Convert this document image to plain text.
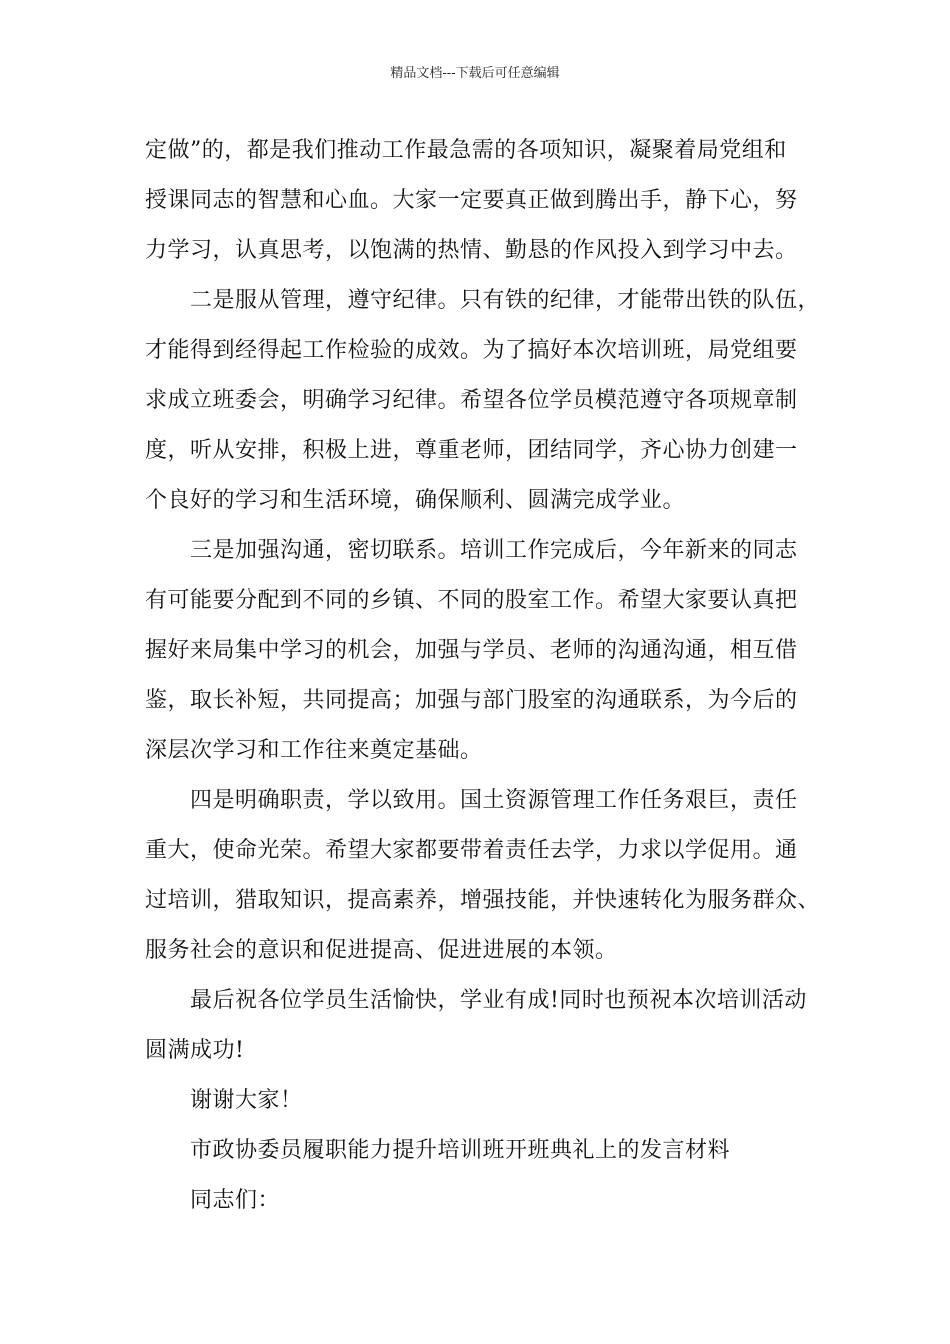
精品文档---下载后可任意编辑
定做”的，都是我们推动工作最急需的各项知识，凝聚着局党组和
授课同志的智慧和心血。大家一定要真正做到腾出手，静下心，努
力学习，认真思考，以饱满的热情、勤恳的作风投入到学习中去。
二是服从管理，遵守纪律。只有铁的纪律，才能带出铁的队伍，
才能得到经得起工作检验的成效。为了搞好本次培训班，局党组要
求成立班委会，明确学习纪律。希望各位学员模范遵守各项规章制
度，听从安排，积极上进，尊重老师，团结同学，齐心协力创建一
个良好的学习和生活环境，确保顺利、圆满完成学业。
三是加强沟通，密切联系。培训工作完成后，今年新来的同志
有可能要分配到不同的乡镇、不同的股室工作。希望大家要认真把
握好来局集中学习的机会，加强与学员、老师的沟通沟通，相互借
鉴，取长补短，共同提高；加强与部门股室的沟通联系，为今后的
深层次学习和工作往来奠定基础。
四是明确职责，学以致用。国土资源管理工作任务艰巨，责任
重大，使命光荣。希望大家都要带着责任去学，力求以学促用。通
过培训，猎取知识，提高素养，增强技能，并快速转化为服务群众、
服务社会的意识和促进提高、促进进展的本领。
最后祝各位学员生活愉快，学业有成!同时也预祝本次培训活动
圆满成功!
谢谢大家！
市政协委员履职能力提升培训班开班典礼上的发言材料
同志们：
